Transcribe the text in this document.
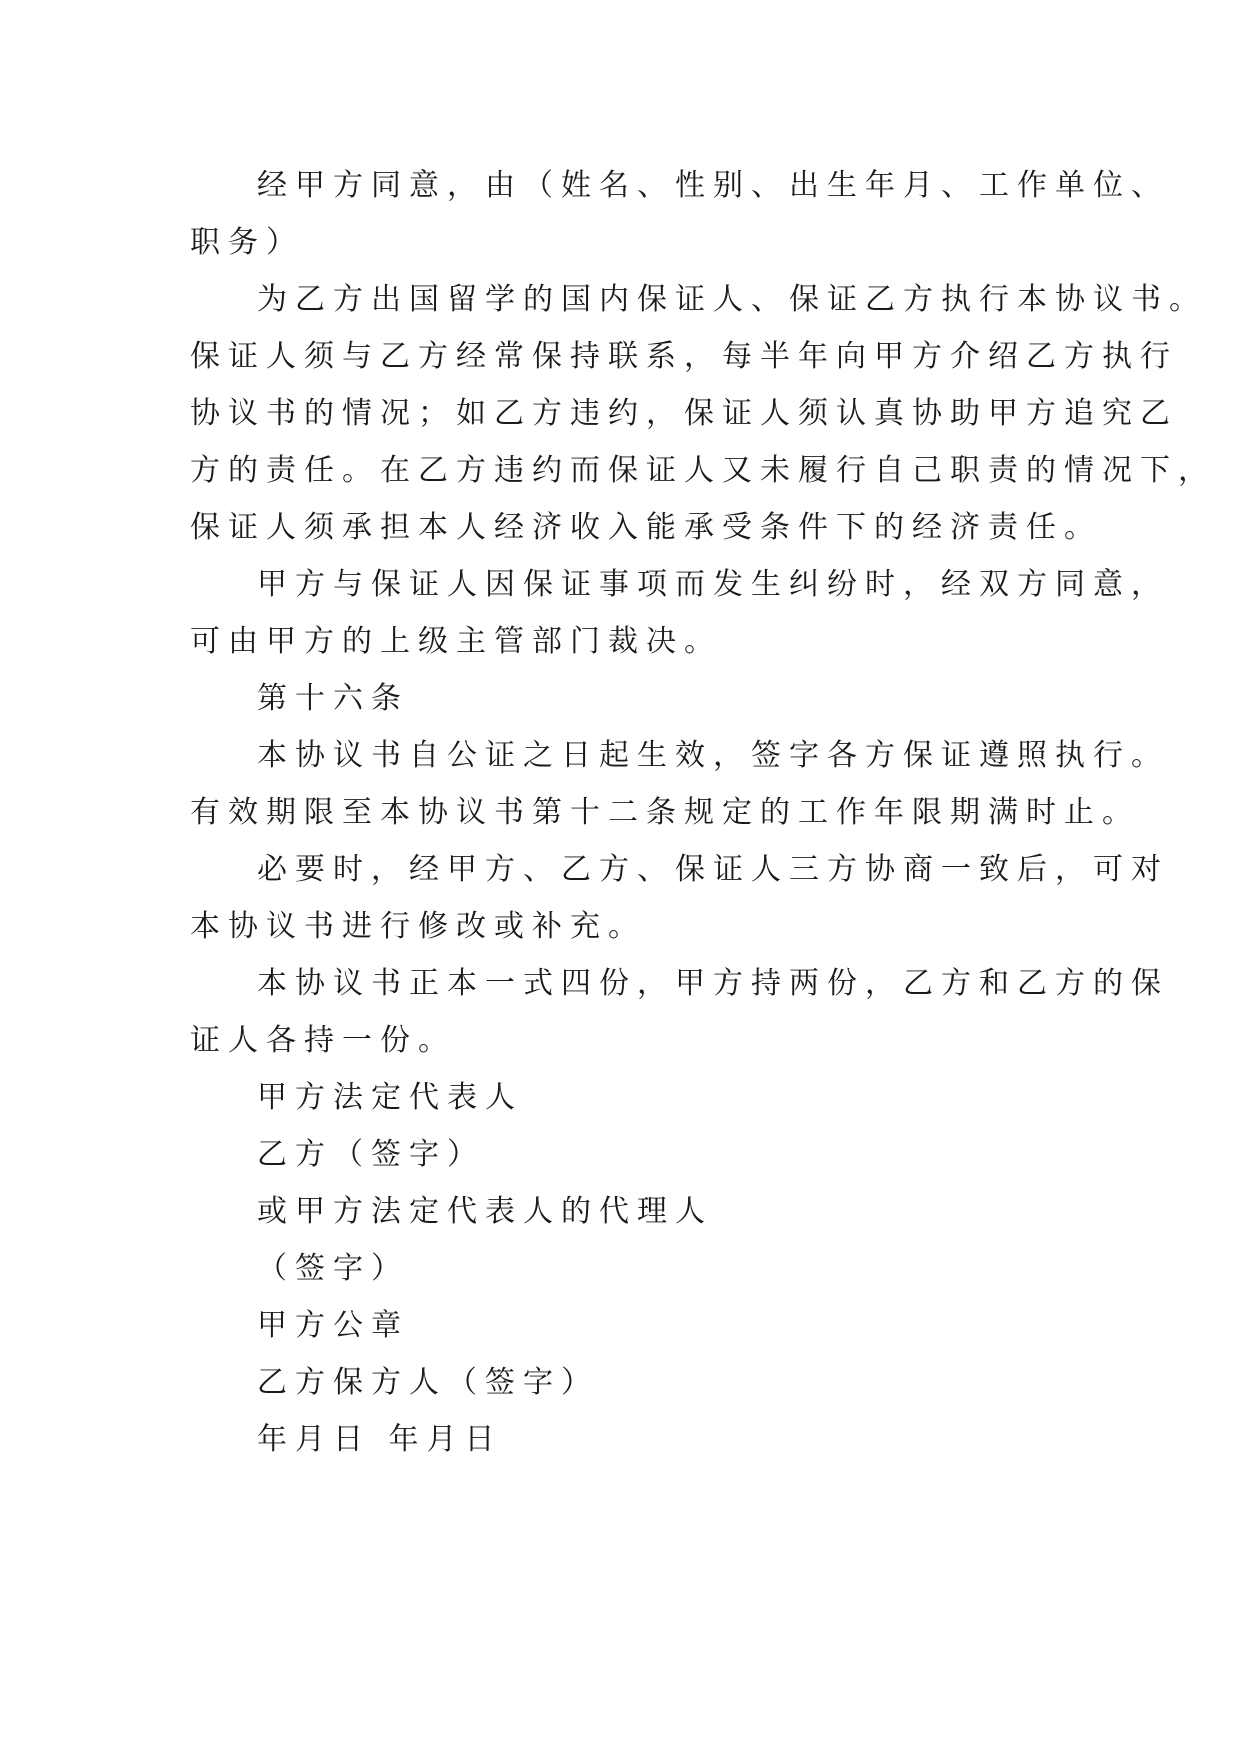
经甲方同意，由（姓名、性别、出生年月、工作单位、
职务）
为乙方出国留学的国内保证人、保证乙方执行本协议书。
保证人须与乙方经常保持联系，每半年向甲方介绍乙方执行
协议书的情况；如乙方违约，保证人须认真协助甲方追究乙
方的责任。在乙方违约而保证人又未履行自己职责的情况下，
保证人须承担本人经济收入能承受条件下的经济责任。
甲方与保证人因保证事项而发生纠纷时，经双方同意，
可由甲方的上级主管部门裁决。
第十六条
本协议书自公证之日起生效，签字各方保证遵照执行。
有效期限至本协议书第十二条规定的工作年限期满时止。
必要时，经甲方、乙方、保证人三方协商一致后，可对
本协议书进行修改或补充。
本协议书正本一式四份，甲方持两份，乙方和乙方的保
证人各持一份。
甲方法定代表人
乙方（签字）
或甲方法定代表人的代理人
（签字）
甲方公章
乙方保方人（签字）
年月日 年月日
